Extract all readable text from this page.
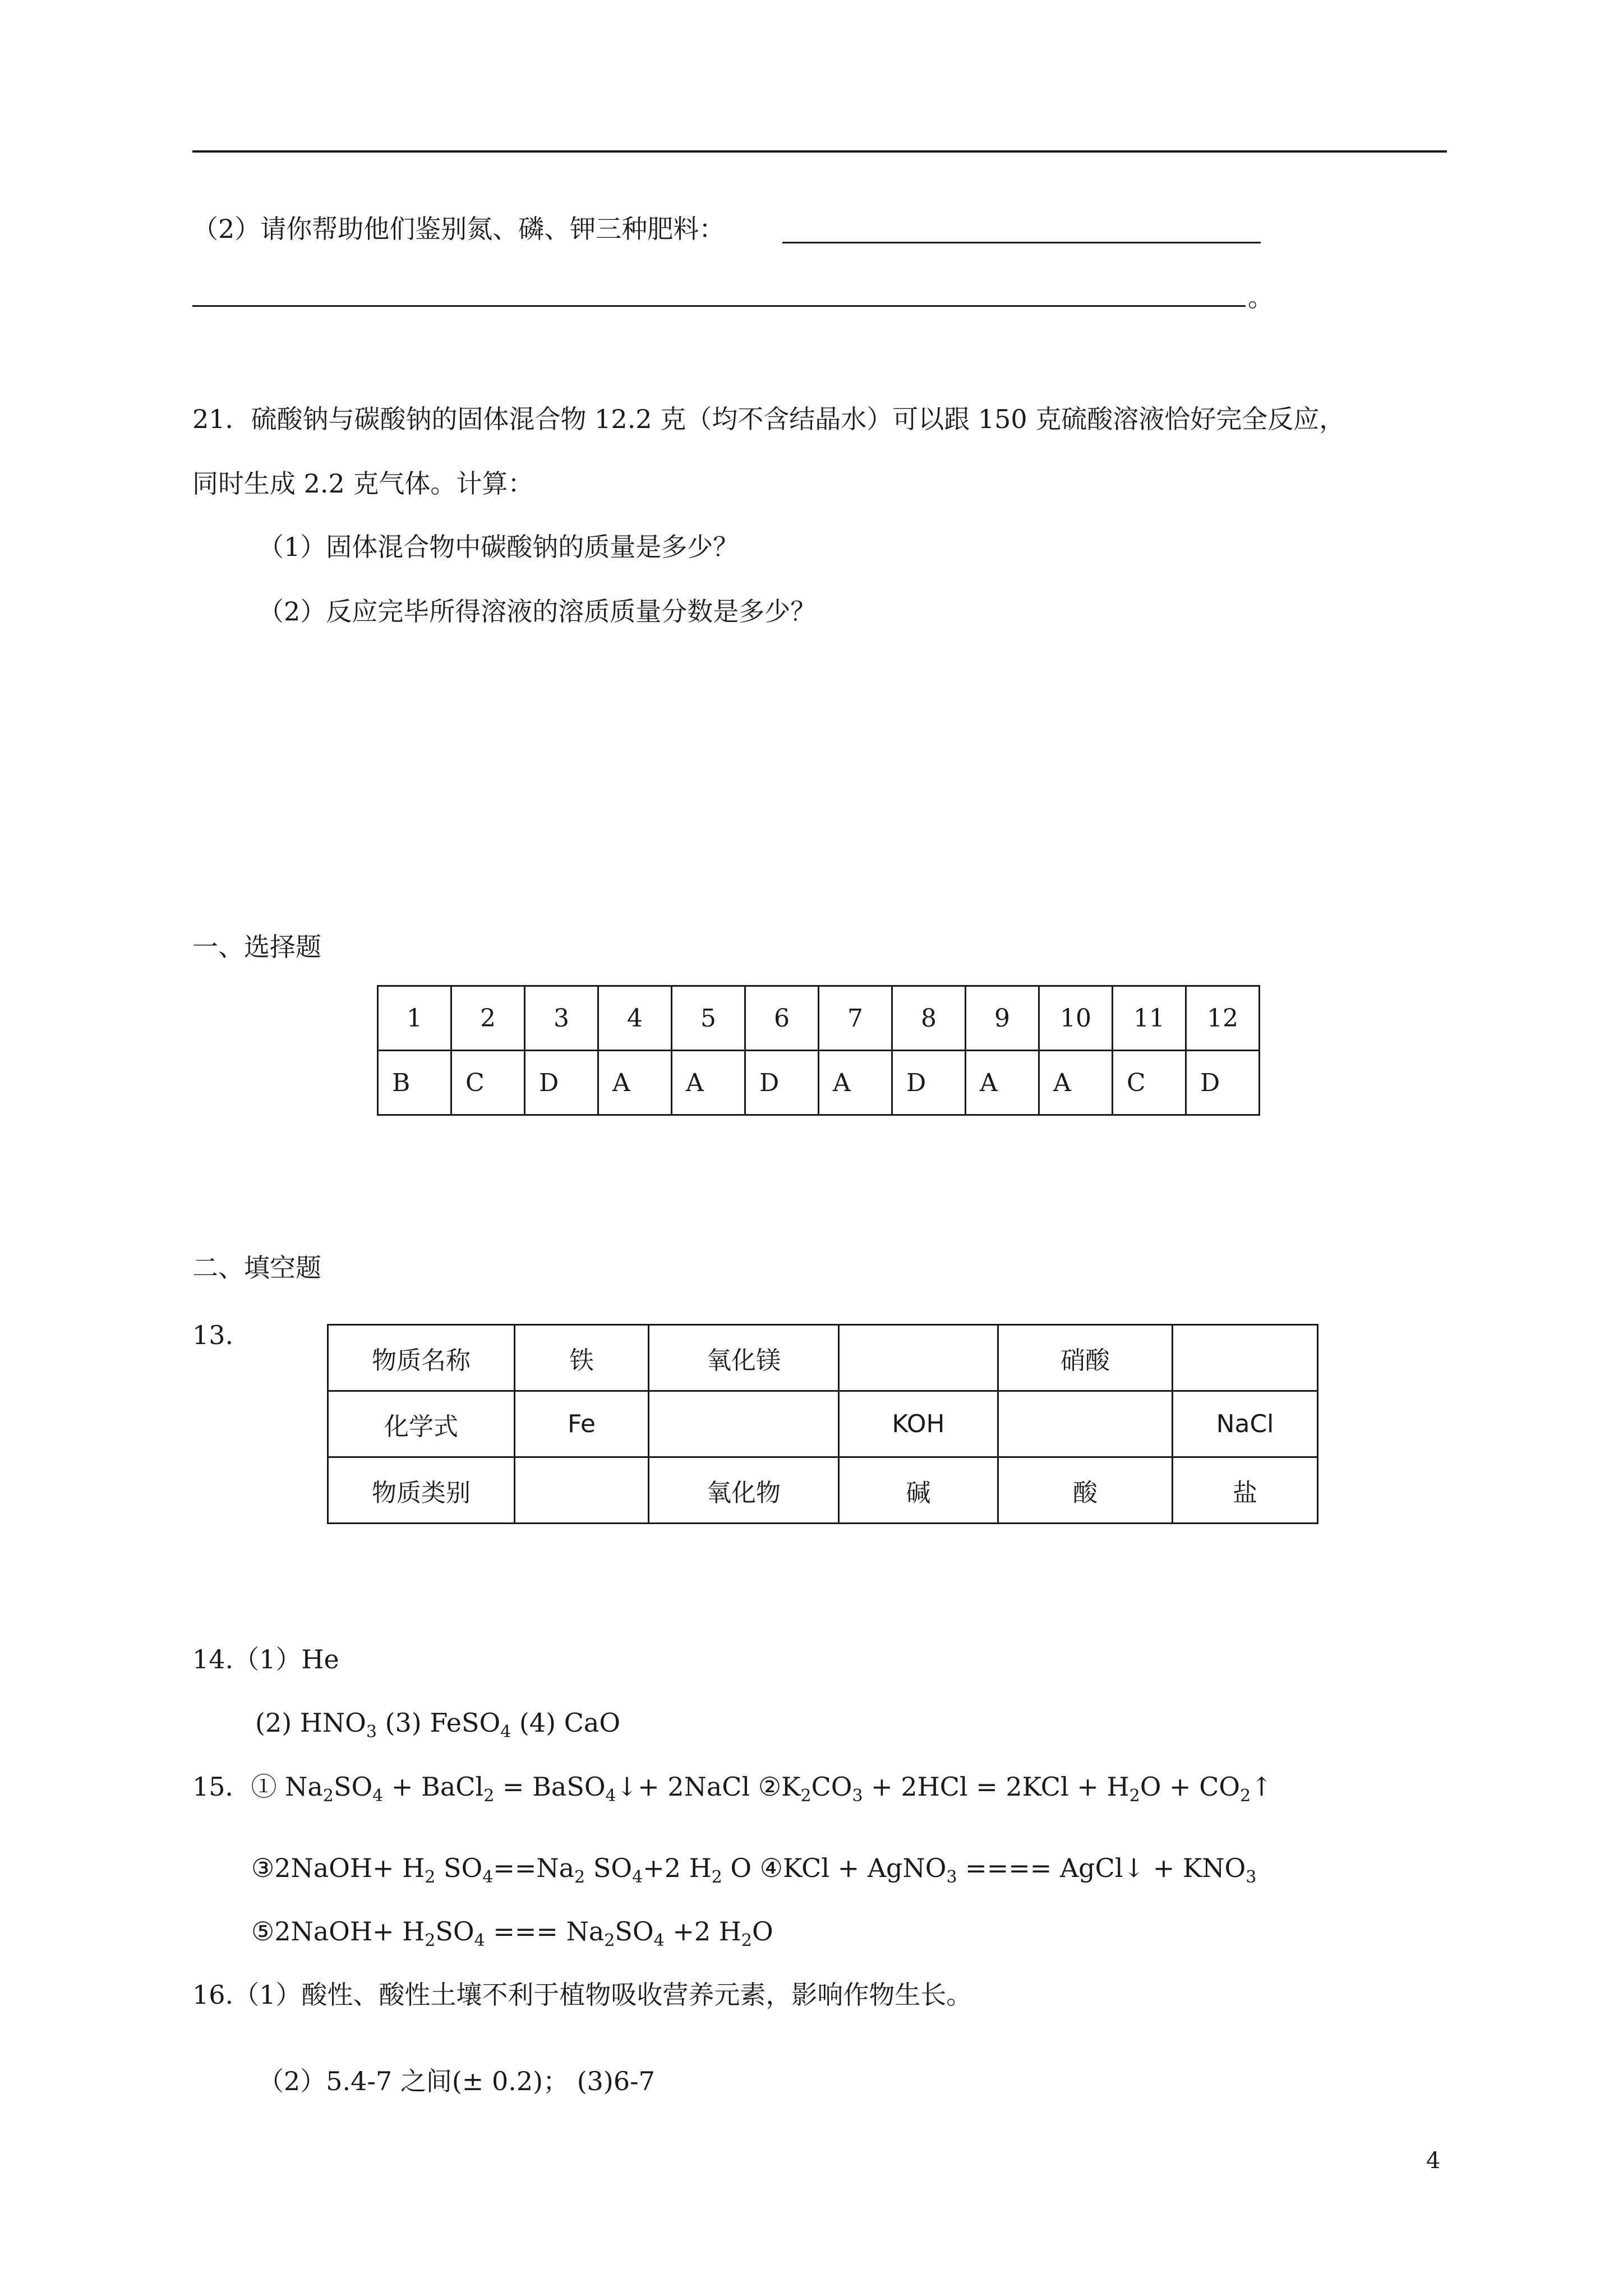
（2）请你帮助他们鉴别氮、磷、钾三种肥料：
。
21．硫酸钠与碳酸钠的固体混合物 12.2 克（均不含结晶水）可以跟 150 克硫酸溶液恰好完全反应，
同时生成 2.2 克气体。计算：
（1）固体混合物中碳酸钠的质量是多少？
（2）反应完毕所得溶液的溶质质量分数是多少？
一、选择题
1	2	3	4	5	6	7	8	9	10	11	12
B	C	D	A	A	D	A	D	A	A	C	D
二、填空题
13.
物质名称	铁	氧化镁		硝酸	
化学式	Fe		KOH		NaCl
物质类别		氧化物	碱	酸	盐
14.（1）He
(2) $HNO_3$ (3) FeSO$_4$ (4) CaO
15．① $Na_2SO_4$ + BaCl$_2$ = BaSO$_4$↓+ 2NaCl $②K_2CO_3 + 2HCl = 2KCl + H_2O$ + $CO_2↑$
③2NaOH+ $H_2$ $SO_4==Na_2$ $SO_4+2$ $H_2$ O ④KCl + AgNO$_3$ ==== AgCl↓ + $KNO_3$
⑤2NaOH+ $H_2SO_4$ === $Na_2SO_4 +2$ $H_2O$
16.（1）酸性、酸性土壤不利于植物吸收营养元素，影响作物生长。
（2）5.4-7 之间(± 0.2)； (3)6-7
4
